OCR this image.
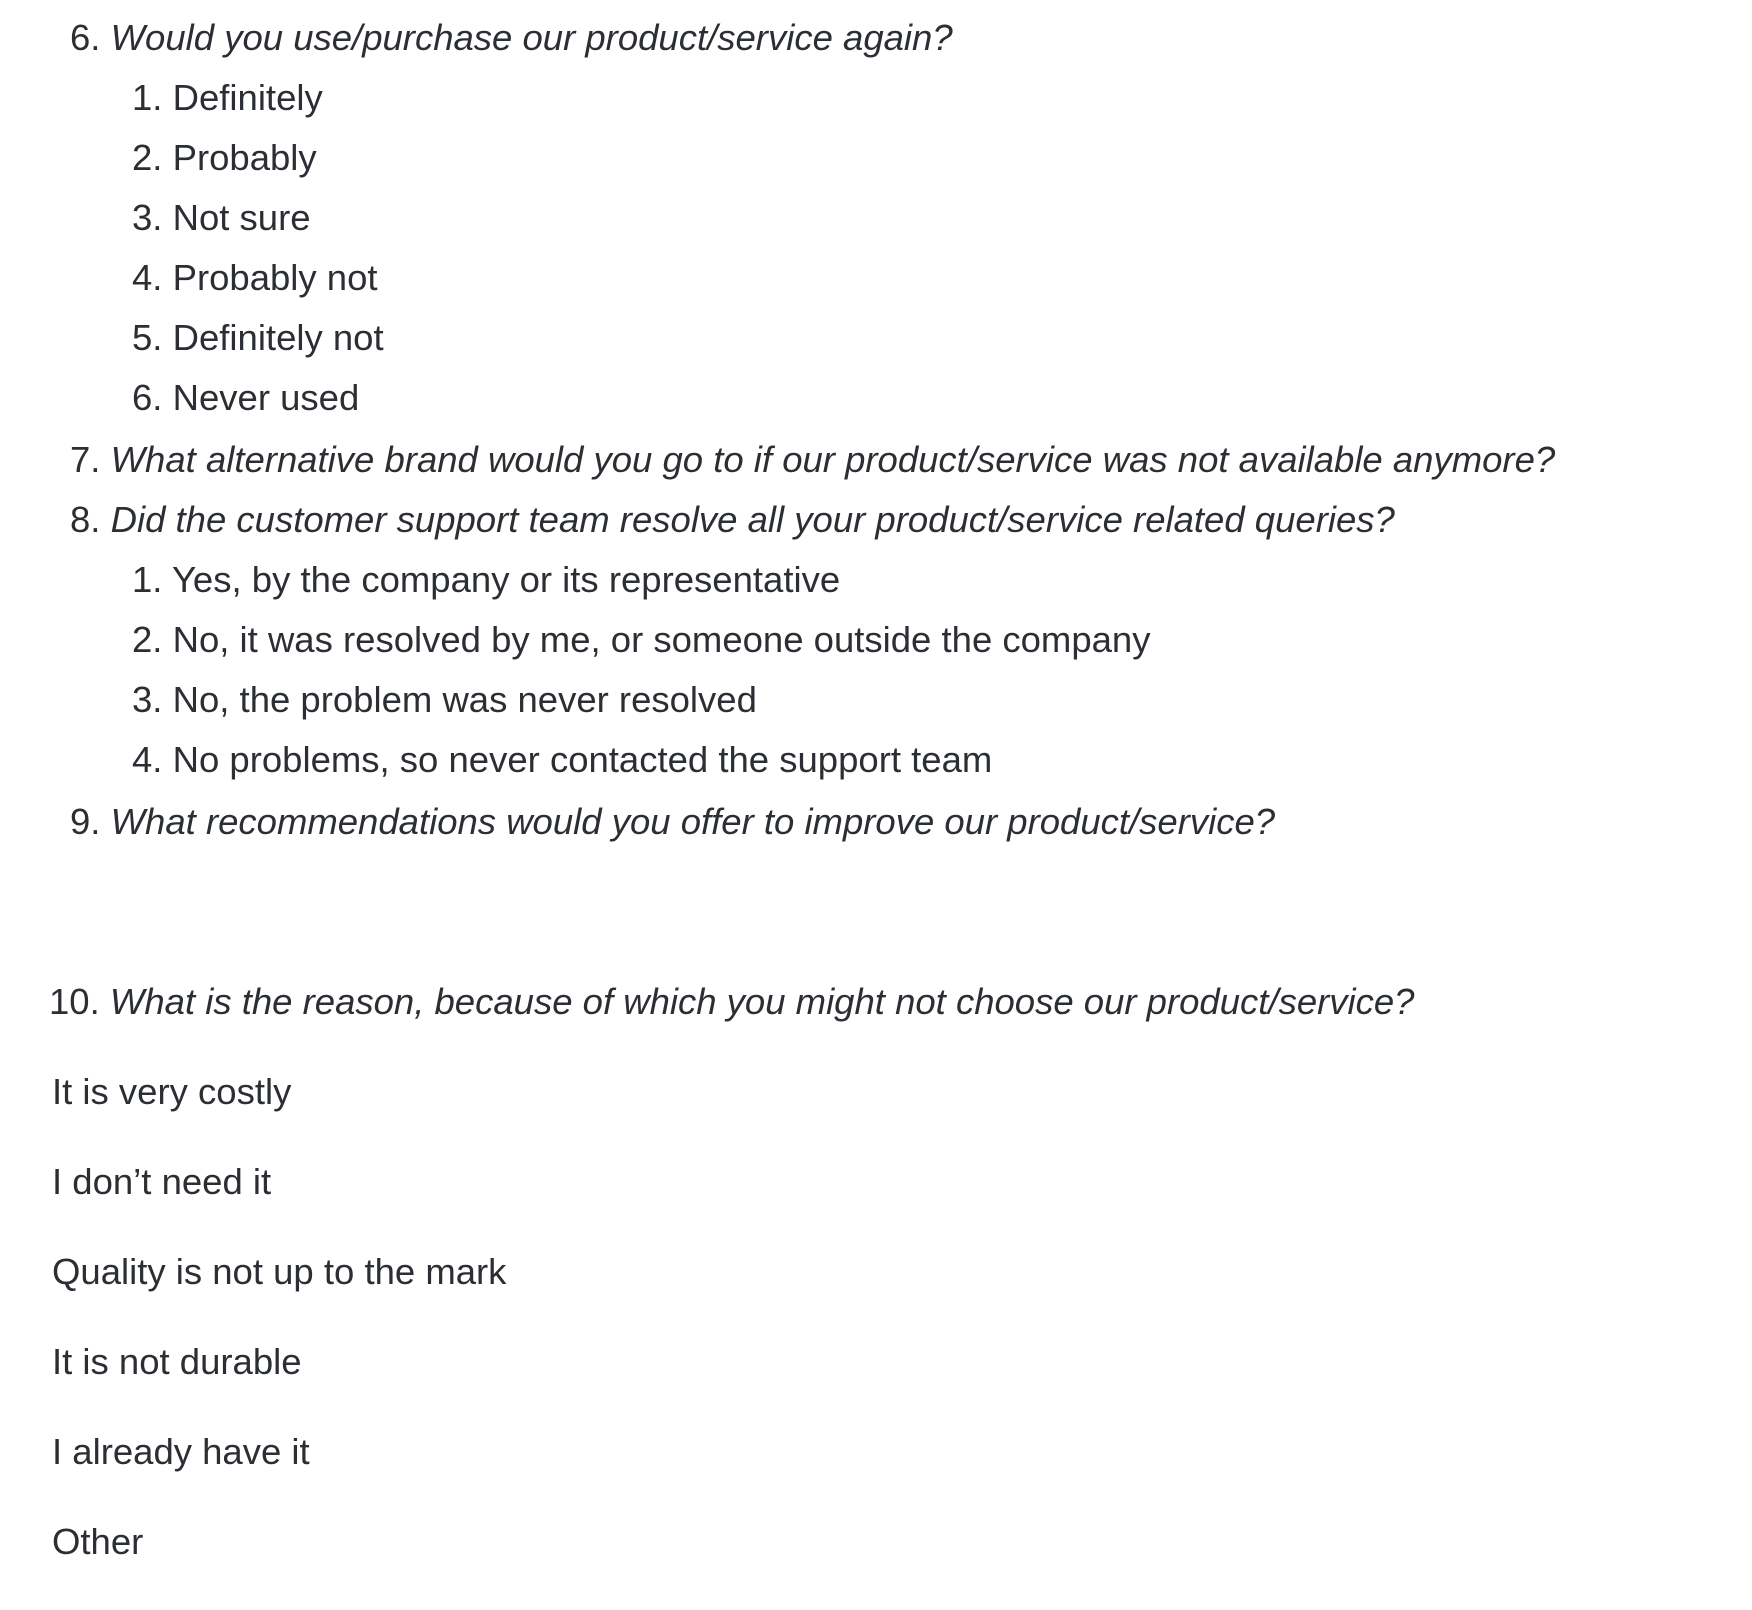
6. Would you use/purchase our product/service again?
1. Definitely
2. Probably
3. Not sure
4. Probably not
5. Definitely not
6. Never used
7. What alternative brand would you go to if our product/service was not available anymore?
8. Did the customer support team resolve all your product/service related queries?
1. Yes, by the company or its representative
2. No, it was resolved by me, or someone outside the company
3. No, the problem was never resolved
4. No problems, so never contacted the support team
9. What recommendations would you offer to improve our product/service?
10. What is the reason, because of which you might not choose our product/service?
It is very costly
I don’t need it
Quality is not up to the mark
It is not durable
I already have it
Other
